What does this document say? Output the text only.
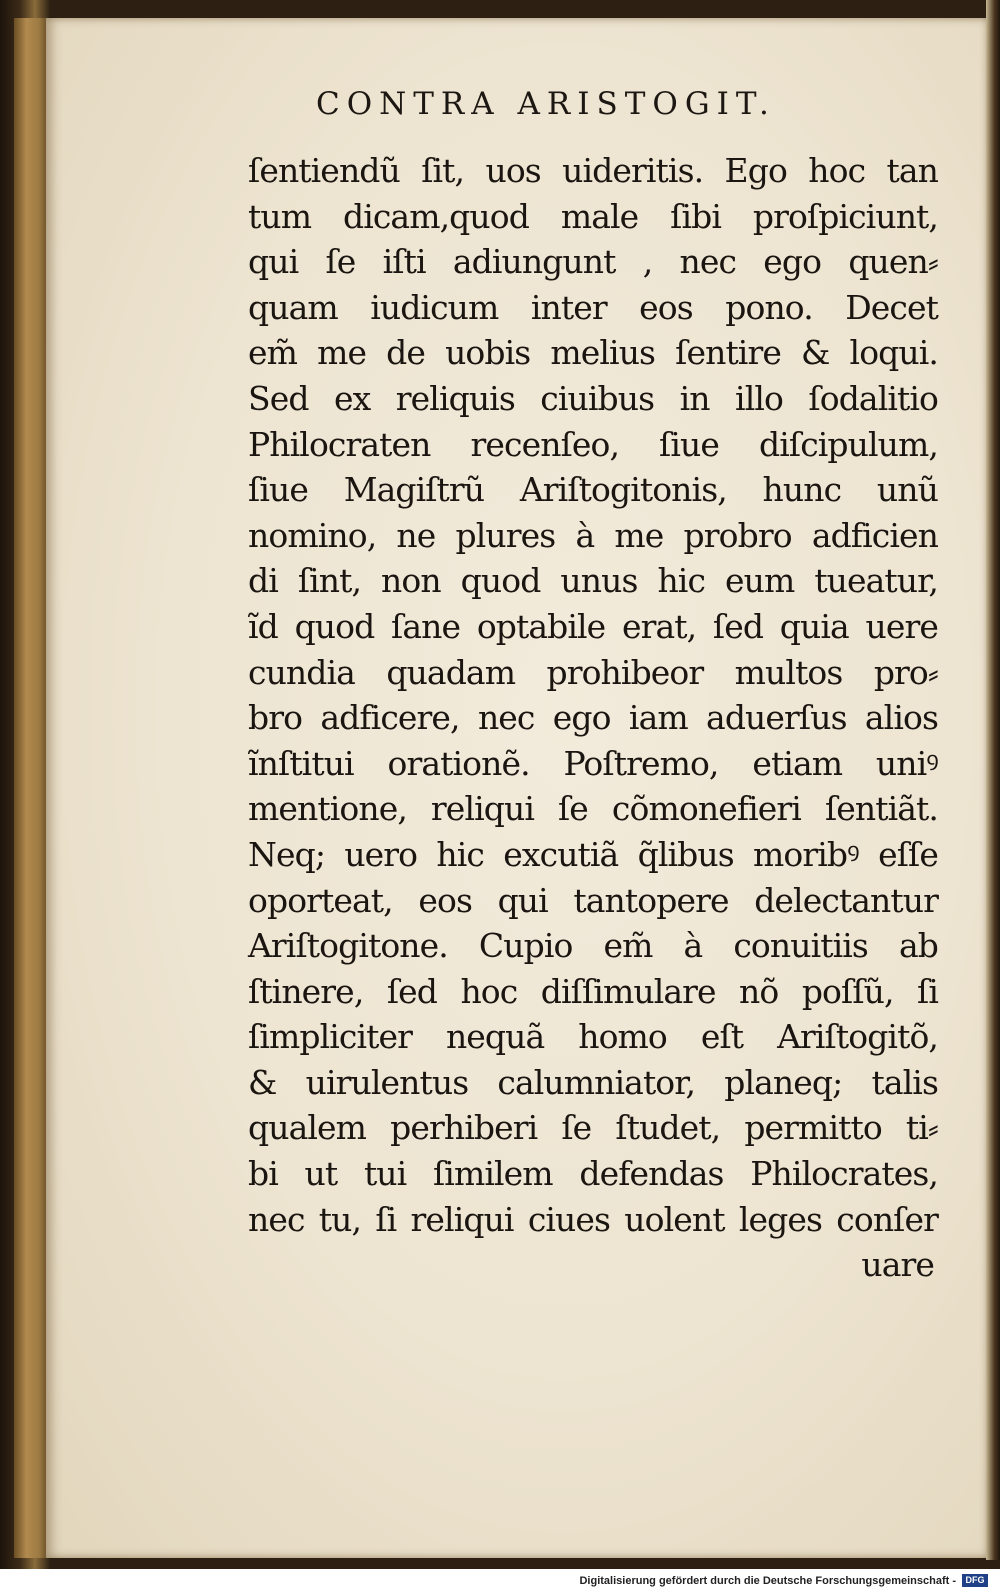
CONTRA ARISTOGIT.
ſentiendũ ſit, uos uideritis. Ego hoc tan
tum dicam,quod male ſibi proſpiciunt,
qui ſe iſti adiungunt , nec ego quen⸗
quam iudicum inter eos pono. Decet
em̃ me de uobis melius ſentire & loqui.
Sed ex reliquis ciuibus in illo ſodalitio
Philocraten recenſeo, ſiue diſcipulum,
ſiue Magiſtrũ Ariſtogitonis, hunc unũ
nomino, ne plures à me probro adficien
di ſint, non quod unus hic eum tueatur,
ĩd quod ſane optabile erat, ſed quia uere
cundia quadam prohibeor multos pro⸗
bro adficere, nec ego iam aduerſus alios
ĩnſtitui orationẽ. Poſtremo, etiam uniꝰ
mentione, reliqui ſe cõmonefieri ſentiãt.
Neq; uero hic excutiã q̃libus moribꝰ eſſe
oporteat, eos qui tantopere delectantur
Ariſtogitone. Cupio em̃ à conuitiis ab
ſtinere, ſed hoc diſſimulare nõ poſſũ, ſi
ſimpliciter nequã homo eſt Ariſtogitõ,
& uirulentus calumniator, planeq; talis
qualem perhiberi ſe ſtudet, permitto ti⸗
bi ut tui ſimilem defendas Philocrates,
nec tu, ſi reliqui ciues uolent leges conſer
uare
Digitalisierung gefördert durch die Deutsche Forschungsgemeinschaft -	DFG
